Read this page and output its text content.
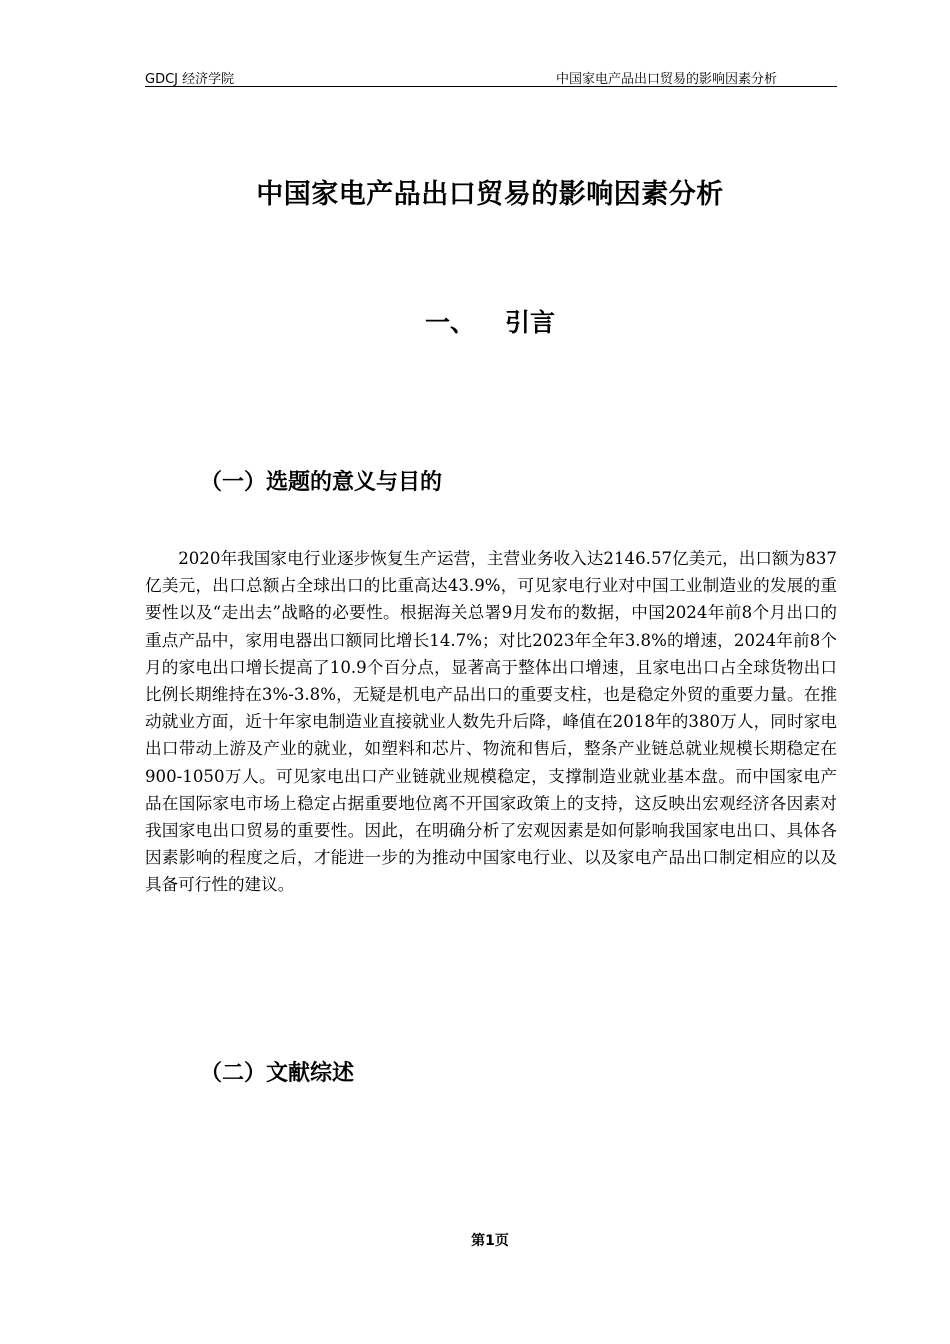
GDCJ 经济学院	中国家电产品出口贸易的影响因素分析
中国家电产品出口贸易的影响因素分析
一、 引言
（一）选题的意义与目的

2020年我国家电行业逐步恢复生产运营，主营业务收入达2146.57亿美元，出口额为837亿美元，出口总额占全球出口的比重高达43.9%，可见家电行业对中国工业制造业的发展的重要性以及“走出去”战略的必要性。根据海关总署9月发布的数据，中国2024年前8个月出口的重点产品中，家用电器出口额同比增长14.7%；对比2023年全年3.8%的增速，2024年前8个月的家电出口增长提高了10.9个百分点，显著高于整体出口增速，且家电出口占全球货物出口比例长期维持在3%-3.8%，无疑是机电产品出口的重要支柱，也是稳定外贸的重要力量。在推动就业方面，近十年家电制造业直接就业人数先升后降，峰值在2018年的380万人，同时家电出口带动上游及产业的就业，如塑料和芯片、物流和售后，整条产业链总就业规模长期稳定在900-1050万人。可见家电出口产业链就业规模稳定，支撑制造业就业基本盘。而中国家电产品在国际家电市场上稳定占据重要地位离不开国家政策上的支持，这反映出宏观经济各因素对我国家电出口贸易的重要性。因此，在明确分析了宏观因素是如何影响我国家电出口、具体各因素影响的程度之后，才能进一步的为推动中国家电行业、以及家电产品出口制定相应的以及具备可行性的建议。

（二）文献综述
第1页
